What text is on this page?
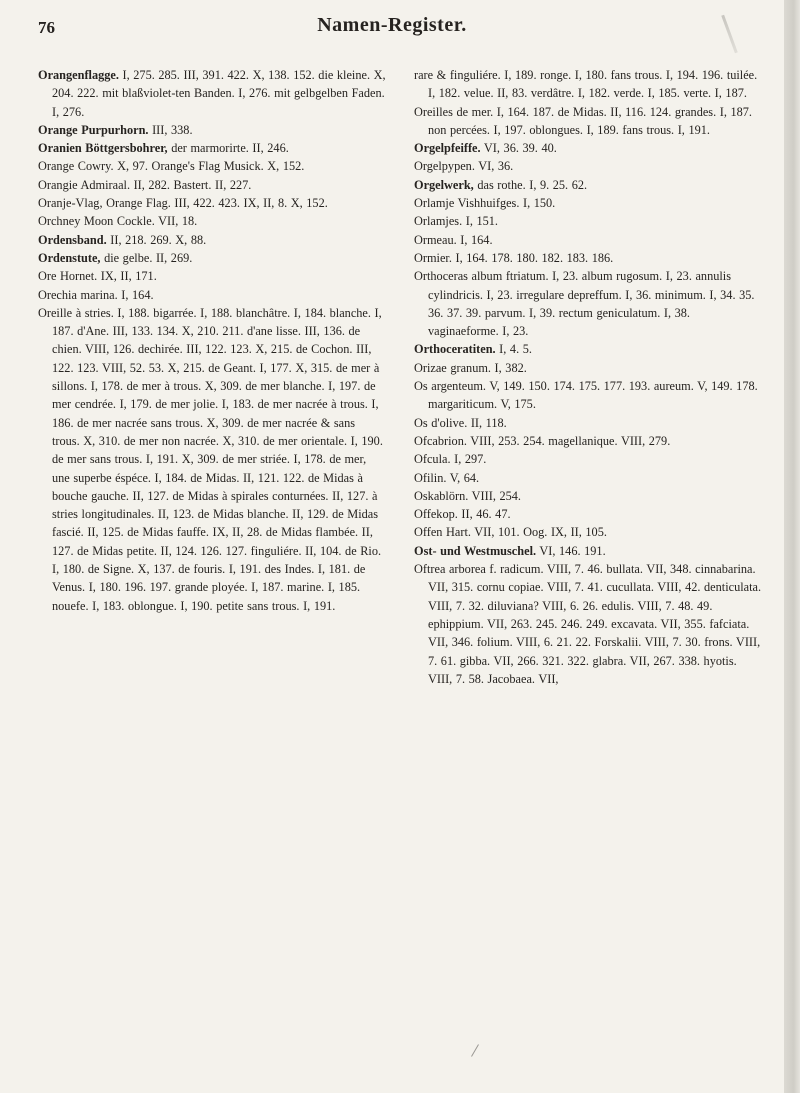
76	Namen-Register.
Orangenflagge. I, 275. 285. III, 391. 422. X, 138. 152. die kleine. X, 204. 222. mit blaßviolet-ten Banden. I, 276. mit gelbgelben Faden. I, 276.
Orange Purpurhorn. III, 338.
Oranien Böttgersbohrer, der marmorirte. II, 246.
Orange Cowry. X, 97. Orange's Flag Musick. X, 152.
Orangie Admiraal. II, 282. Bastert. II, 227.
Oranje-Vlag, Orange Flag. III, 422. 423. IX, II, 8. X, 152.
Orchney Moon Cockle. VII, 18.
Ordensband. II, 218. 269. X, 88.
Ordenstute, die gelbe. II, 269.
Ore Hornet. IX, II, 171.
Orechia marina. I, 164.
Oreille à stries. I, 188. bigarrée. I, 188. blanchâtre. I, 184. blanche. I, 187. d'Ane. III, 133. 134. X, 210. 211. d'ane lisse. III, 136. de chien. VIII, 126. dechirée. III, 122. 123. X, 215. de Cochon. III, 122. 123. VIII, 52. 53. X, 215. de Geant. I, 177. X, 315. de mer à sillons. I, 178. de mer à trous. X, 309. de mer blanche. I, 197. de mer cendrée. I, 179. de mer jolie. I, 183. de mer nacrée à trous. I, 186. de mer nacrée sans trous. X, 309. de mer nacrée & sans trous. X, 310. de mer non nacrée. X, 310. de mer orientale. I, 190. de mer sans trous. I, 191. X, 309. de mer striée. I, 178. de mer, une superbe éspéce. I, 184. de Midas. II, 121. 122. de Midas à bouche gauche. II, 127. de Midas à spirales conturnées. II, 127. à stries longitudinales. II, 123. de Midas blanche. II, 129. de Midas fascié. II, 125. de Midas fauffe. IX, II, 28. de Midas flambée. II, 127. de Midas petite. II, 124. 126. 127. finguliére. II, 104. de Rio. I, 180. de Signe. X, 137. de fouris. I, 191. des Indes. I, 181. de Venus. I, 180. 196. 197. grande ployée. I, 187. marine. I, 185. nouefe. I, 183. oblongue. I, 190. petite sans trous. I, 191.
rare & finguliére. I, 189. ronge. I, 180. fans trous. I, 194. 196. tuilée. I, 182. velue. II, 83. verdâtre. I, 182. verde. I, 185. verte. I, 187.
Oreilles de mer. I, 164. 187. de Midas. II, 116. 124. grandes. I, 187. non percées. I, 197. oblongues. I, 189. fans trous. I, 191.
Orgelpfeiffe. VI, 36. 39. 40.
Orgelpypen. VI, 36.
Orgelwerk, das rothe. I, 9. 25. 62.
Orlamje Vishhuifges. I, 150.
Orlamjes. I, 151.
Ormeau. I, 164.
Ormier. I, 164. 178. 180. 182. 183. 186.
Orthoceras album ftriatum. I, 23. album rugosum. I, 23. annulis cylindricis. I, 23. irregulare depreffum. I, 36. minimum. I, 34. 35. 36. 37. 39. parvum. I, 39. rectum geniculatum. I, 38. vaginaeforme. I, 23.
Orthoceratiten. I, 4. 5.
Orizae granum. I, 382.
Os argenteum. V, 149. 150. 174. 175. 177. 193. aureum. V, 149. 178. margariticum. V, 175.
Os d'olive. II, 118.
Ofcabrion. VIII, 253. 254. magellanique. VIII, 279.
Ofcula. I, 297.
Ofilin. V, 64.
Oskablörn. VIII, 254.
Offekop. II, 46. 47.
Offen Hart. VII, 101. Oog. IX, II, 105.
Ost- und Westmuschel. VI, 146. 191.
Oftrea arborea f. radicum. VIII, 7. 46. bullata. VII, 348. cinnabarina. VII, 315. cornu copiae. VIII, 7. 41. cucullata. VIII, 42. denticulata. VIII, 7. 32. diluviana? VIII, 6. 26. edulis. VIII, 7. 48. 49. ephippium. VII, 263. 245. 246. 249. excavata. VII, 355. fafciata. VII, 346. folium. VIII, 6. 21. 22. Forskalii. VIII, 7. 30. frons. VIII, 7. 61. gibba. VII, 266. 321. 322. glabra. VII, 267. 338. hyotis. VIII, 7. 58. Jacobaea. VII,
